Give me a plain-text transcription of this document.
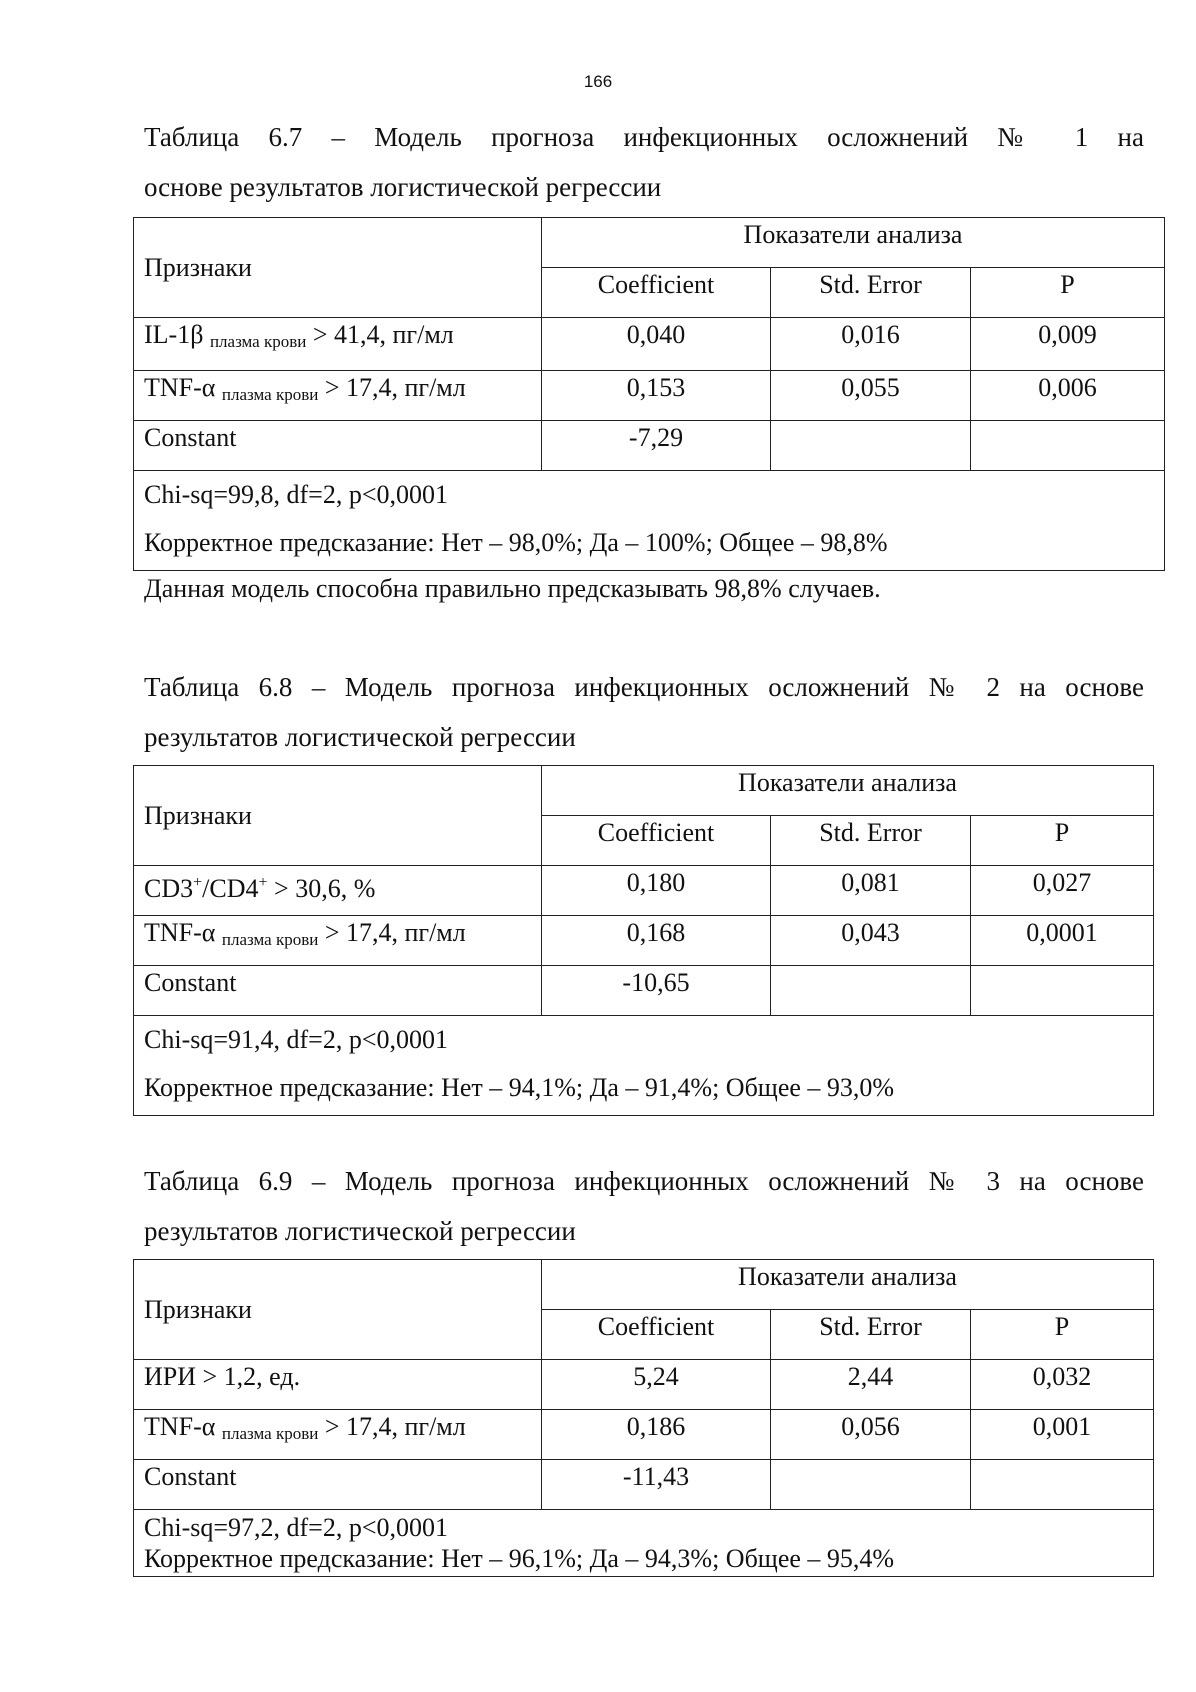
166
Таблица 6.7 – Модель прогноза инфекционных осложнений № 1 на
основе результатов логистической регрессии
Признаки	Показатели анализа		
	Coefficient	Std. Error	P
IL-1β $_{плазма крови}$ > 41,4, пг/мл	0,040	0,016	0,009
TNF-α $_{плазма крови}$ > 17,4, пг/мл	0,153	0,055	0,006
Constant	-7,29		

Chi-sq=99,8, df=2, p<0,0001
Корректное предсказание: Нет – 98,0%; Да – 100%; Общее – 98,8%			
Данная модель способна правильно предсказывать 98,8% случаев.
Таблица 6.8 – Модель прогноза инфекционных осложнений № 2 на основе
результатов логистической регрессии
Признаки	Показатели анализа		
	Coefficient	Std. Error	P
CD3+/CD4+ > 30,6, %	0,180	0,081	0,027
TNF-α $_{плазма крови}$ > 17,4, пг/мл	0,168	0,043	0,0001
Constant	-10,65		

Chi-sq=91,4, df=2, p<0,0001
Корректное предсказание: Нет – 94,1%; Да – 91,4%; Общее – 93,0%			
Таблица 6.9 – Модель прогноза инфекционных осложнений № 3 на основе
результатов логистической регрессии
Признаки	Показатели анализа		
	Coefficient	Std. Error	P
ИРИ > 1,2, ед.	5,24	2,44	0,032
TNF-α $_{плазма крови}$ > 17,4, пг/мл	0,186	0,056	0,001
Constant	-11,43		

Chi-sq=97,2, df=2, p<0,0001
Корректное предсказание: Нет – 96,1%; Да – 94,3%; Общее – 95,4%			
